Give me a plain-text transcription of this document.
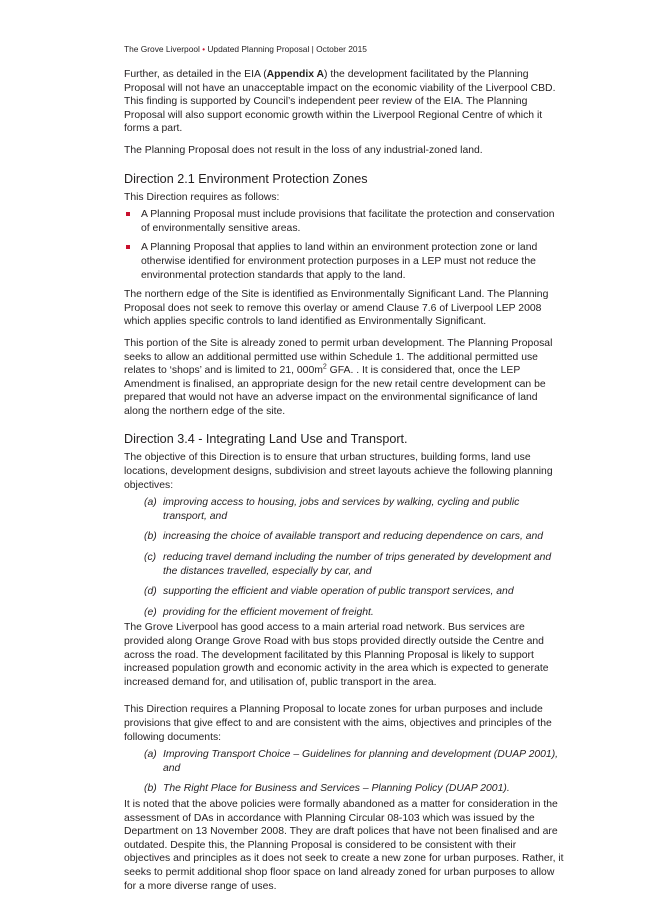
The Grove Liverpool • Updated Planning Proposal | October 2015

Further, as detailed in the EIA (Appendix A) the development facilitated by the Planning Proposal will not have an unacceptable impact on the economic viability of the Liverpool CBD. This finding is supported by Council’s independent peer review of the EIA. The Planning Proposal will also support economic growth within the Liverpool Regional Centre of which it forms a part.

The Planning Proposal does not result in the loss of any industrial-zoned land.

Direction 2.1 Environment Protection Zones

This Direction requires as follows:

A Planning Proposal must include provisions that facilitate the protection and conservation of environmentally sensitive areas.
A Planning Proposal that applies to land within an environment protection zone or land otherwise identified for environment protection purposes in a LEP must not reduce the environmental protection standards that apply to the land.

The northern edge of the Site is identified as Environmentally Significant Land. The Planning Proposal does not seek to remove this overlay or amend Clause 7.6 of Liverpool LEP 2008 which applies specific controls to land identified as Environmentally Significant.

This portion of the Site is already zoned to permit urban development. The Planning Proposal seeks to allow an additional permitted use within Schedule 1. The additional permitted use relates to ‘shops’ and is limited to 21, $000m^2$ GFA. . It is considered that, once the LEP Amendment is finalised, an appropriate design for the new retail centre development can be prepared that would not have an adverse impact on the environmental significance of land along the northern edge of the site.

Direction 3.4 - Integrating Land Use and Transport.

The objective of this Direction is to ensure that urban structures, building forms, land use locations, development designs, subdivision and street layouts achieve the following planning objectives:

(a) improving access to housing, jobs and services by walking, cycling and public transport, and
(b) increasing the choice of available transport and reducing dependence on cars, and
(c) reducing travel demand including the number of trips generated by development and the distances travelled, especially by car, and
(d) supporting the efficient and viable operation of public transport services, and
(e) providing for the efficient movement of freight.

The Grove Liverpool has good access to a main arterial road network. Bus services are provided along Orange Grove Road with bus stops provided directly outside the Centre and across the road. The development facilitated by this Planning Proposal is likely to support increased population growth and economic activity in the area which is expected to generate increased demand for, and utilisation of, public transport in the area.

This Direction requires a Planning Proposal to locate zones for urban purposes and include provisions that give effect to and are consistent with the aims, objectives and principles of the following documents:

(a) Improving Transport Choice – Guidelines for planning and development (DUAP 2001), and
(b) The Right Place for Business and Services – Planning Policy (DUAP 2001).

It is noted that the above policies were formally abandoned as a matter for consideration in the assessment of DAs in accordance with Planning Circular 08-103 which was issued by the Department on 13 November 2008. They are draft polices that have not been finalised and are outdated. Despite this, the Planning Proposal is considered to be consistent with their objectives and principles as it does not seek to create a new zone for urban purposes. Rather, it seeks to permit additional shop floor space on land already zoned for urban purposes to allow for a more diverse range of uses.
